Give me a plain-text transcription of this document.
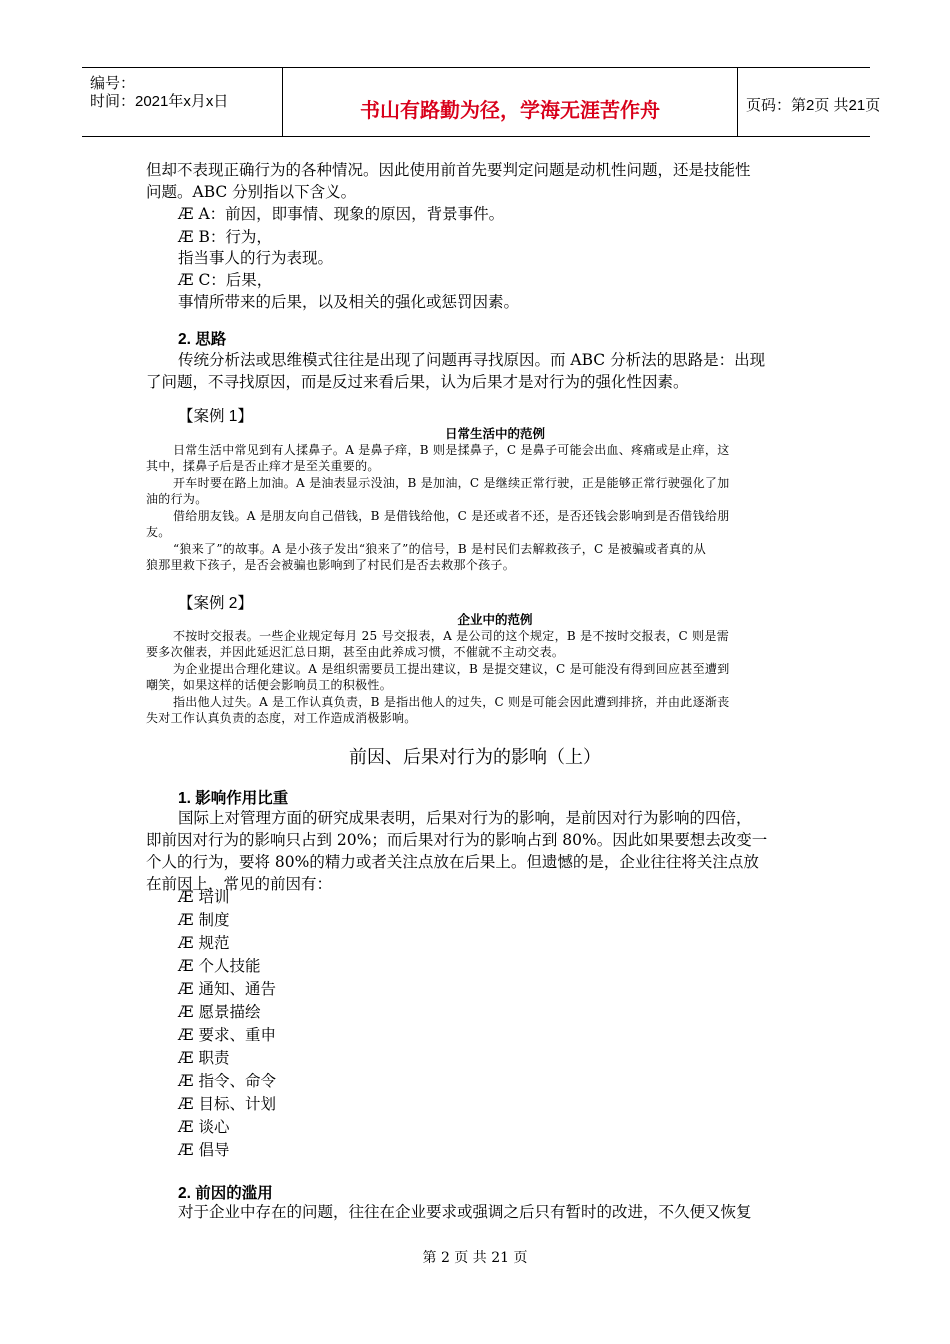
编号：
时间：2021年x月x日	书山有路勤为径，学海无涯苦作舟	页码：第2页 共21页
但却不表现正确行为的各种情况。因此使用前首先要判定问题是动机性问题，还是技能性
问题。ABC 分别指以下含义。
Æ A：前因，即事情、现象的原因，背景事件。
Æ B：行为，
指当事人的行为表现。
Æ C：后果，
事情所带来的后果，以及相关的强化或惩罚因素。
2. 思路
传统分析法或思维模式往往是出现了问题再寻找原因。而 ABC 分析法的思路是：出现
了问题，不寻找原因，而是反过来看后果，认为后果才是对行为的强化性因素。
【案例 1】
日常生活中的范例
日常生活中常见到有人揉鼻子。A 是鼻子痒，B 则是揉鼻子，C 是鼻子可能会出血、疼痛或是止痒，这
其中，揉鼻子后是否止痒才是至关重要的。
开车时要在路上加油。A 是油表显示没油，B 是加油，C 是继续正常行驶，正是能够正常行驶强化了加
油的行为。
借给朋友钱。A 是朋友向自己借钱，B 是借钱给他，C 是还或者不还，是否还钱会影响到是否借钱给朋
友。
“狼来了”的故事。A 是小孩子发出“狼来了”的信号，B 是村民们去解救孩子，C 是被骗或者真的从
狼那里救下孩子，是否会被骗也影响到了村民们是否去救那个孩子。
【案例 2】
企业中的范例
不按时交报表。一些企业规定每月 25 号交报表，A 是公司的这个规定，B 是不按时交报表，C 则是需
要多次催表，并因此延迟汇总日期，甚至由此养成习惯，不催就不主动交表。
为企业提出合理化建议。A 是组织需要员工提出建议，B 是提交建议，C 是可能没有得到回应甚至遭到
嘲笑，如果这样的话便会影响员工的积极性。
指出他人过失。A 是工作认真负责，B 是指出他人的过失，C 则是可能会因此遭到排挤，并由此逐渐丧
失对工作认真负责的态度，对工作造成消极影响。
前因、后果对行为的影响（上）
1. 影响作用比重
国际上对管理方面的研究成果表明，后果对行为的影响，是前因对行为影响的四倍，
即前因对行为的影响只占到 20%；而后果对行为的影响占到 80%。因此如果要想去改变一
个人的行为，要将 80%的精力或者关注点放在后果上。但遗憾的是，企业往往将关注点放
在前因上，常见的前因有：
Æ 培训
Æ 制度
Æ 规范
Æ 个人技能
Æ 通知、通告
Æ 愿景描绘
Æ 要求、重申
Æ 职责
Æ 指令、命令
Æ 目标、计划
Æ 谈心
Æ 倡导
2. 前因的滥用
对于企业中存在的问题，往往在企业要求或强调之后只有暂时的改进，不久便又恢复
第 2 页 共 21 页
